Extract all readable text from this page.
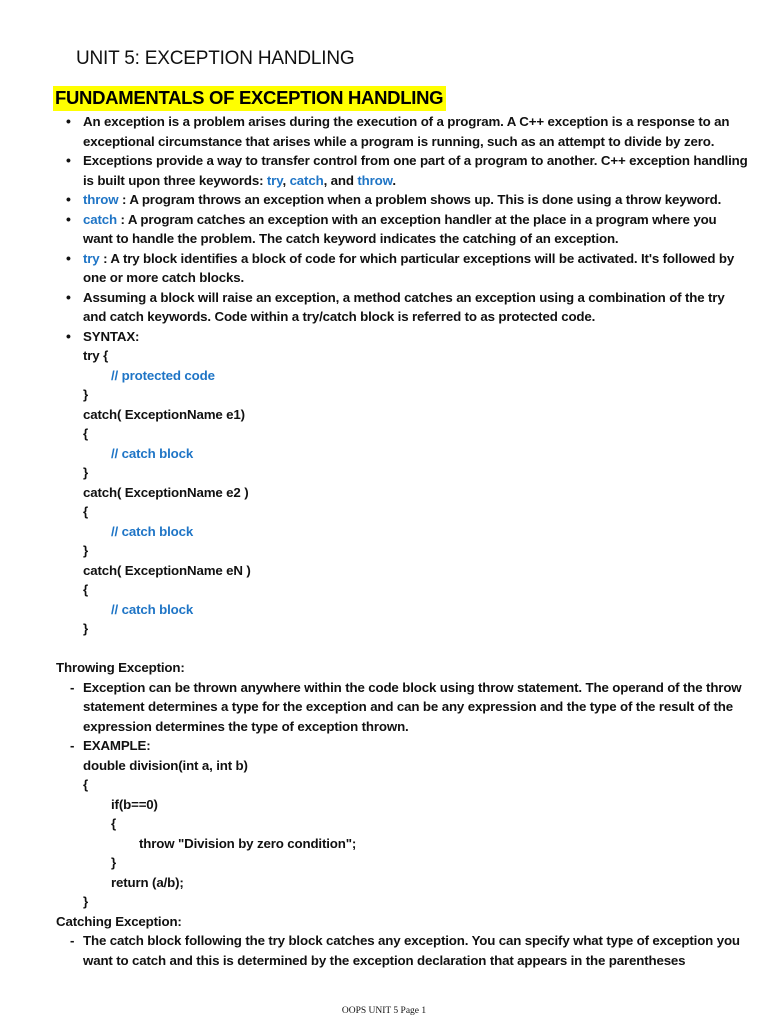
UNIT 5: EXCEPTION HANDLING
FUNDAMENTALS OF EXCEPTION HANDLING
• An exception is a problem arises during the execution of a program. A C++ exception is a response to an exceptional circumstance that arises while a program is running, such as an attempt to divide by zero.
• Exceptions provide a way to transfer control from one part of a program to another. C++ exception handling is built upon three keywords: try, catch, and throw.
• throw : A program throws an exception when a problem shows up. This is done using a throw keyword.
• catch : A program catches an exception with an exception handler at the place in a program where you want to handle the problem. The catch keyword indicates the catching of an exception.
• try : A try block identifies a block of code for which particular exceptions will be activated. It's followed by one or more catch blocks.
• Assuming a block will raise an exception, a method catches an exception using a combination of the try and catch keywords. Code within a try/catch block is referred to as protected code.
• SYNTAX:
try {
// protected code
}
catch( ExceptionName e1)
{
// catch block
}
catch( ExceptionName e2 )
{
// catch block
}
catch( ExceptionName eN )
{
// catch block
}
Throwing Exception:
- Exception can be thrown anywhere within the code block using throw statement. The operand of the throw statement determines a type for the exception and can be any expression and the type of the result of the expression determines the type of exception thrown.
- EXAMPLE:
double division(int a, int b)
{
if(b==0)
{
throw "Division by zero condition";
}
return (a/b);
}
Catching Exception:
- The catch block following the try block catches any exception. You can specify what type of exception you want to catch and this is determined by the exception declaration that appears in the parentheses
OOPS UNIT 5 Page 1
